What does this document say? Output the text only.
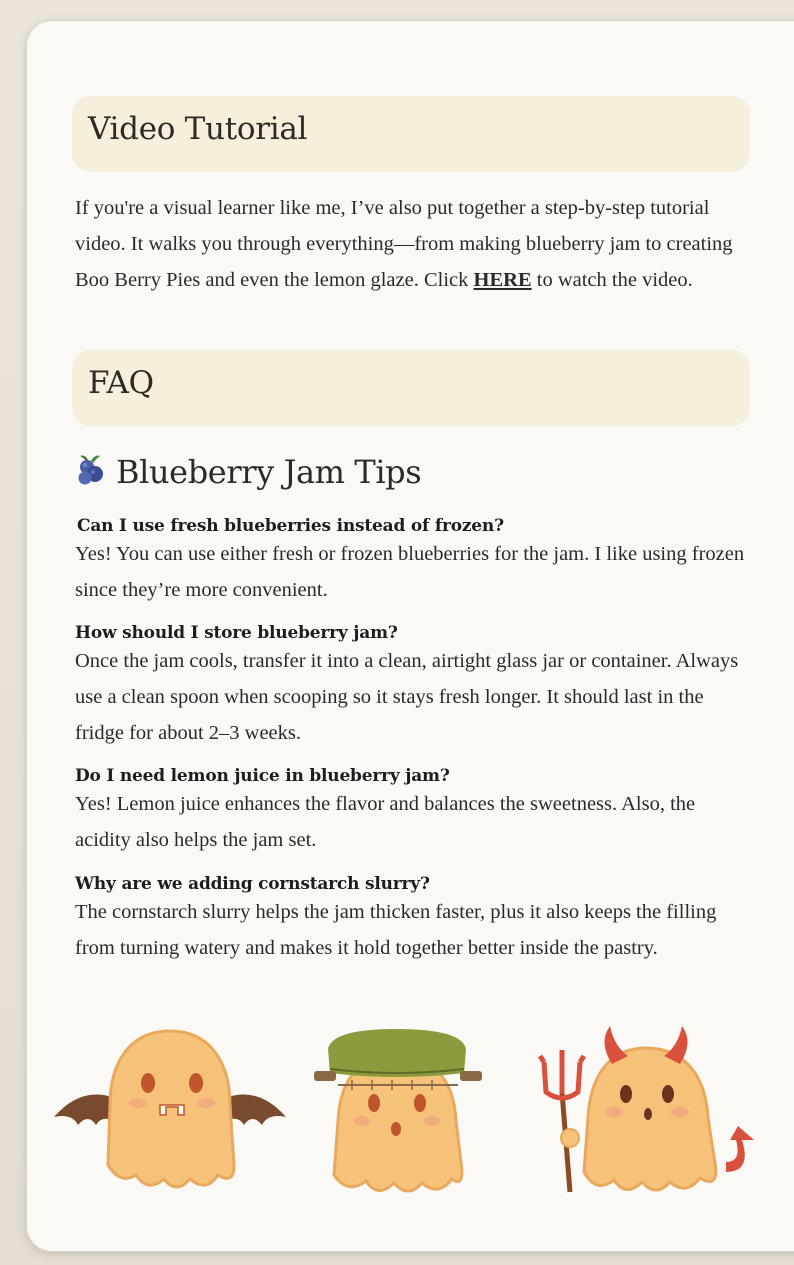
Video Tutorial

If you're a visual learner like me, I’ve also put together a step-by-step tutorial video. It walks you through everything—from making blueberry jam to creating Boo Berry Pies and even the lemon glaze. Click HERE to watch the video.

FAQ
Blueberry Jam Tips
Can I use fresh blueberries instead of frozen?
Yes! You can use either fresh or frozen blueberries for the jam. I like using frozen since they’re more convenient.
How should I store blueberry jam?
Once the jam cools, transfer it into a clean, airtight glass jar or container. Always use a clean spoon when scooping so it stays fresh longer. It should last in the fridge for about 2–3 weeks.
Do I need lemon juice in blueberry jam?
Yes! Lemon juice enhances the flavor and balances the sweetness. Also, the acidity also helps the jam set.
Why are we adding cornstarch slurry?
The cornstarch slurry helps the jam thicken faster, plus it also keeps the filling from turning watery and makes it hold together better inside the pastry.
